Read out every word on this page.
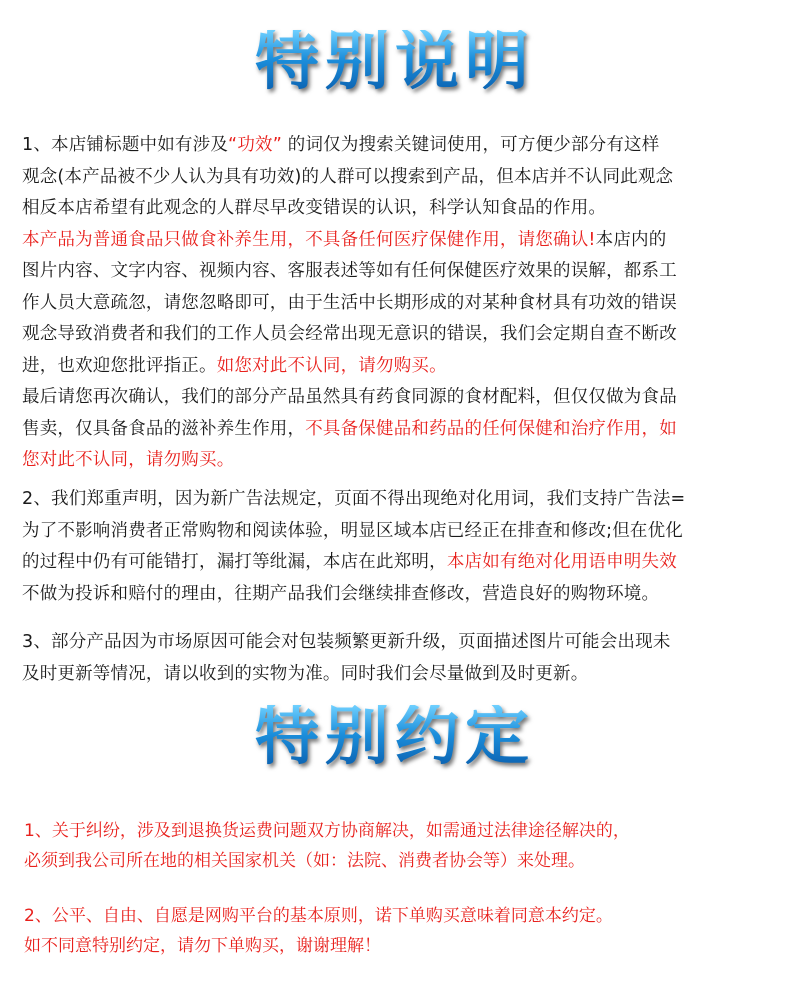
特别说明
1、本店铺标题中如有涉及“功效” 的词仅为搜索关键词使用，可方便少部分有这样
观念(本产品被不少人认为具有功效)的人群可以搜索到产品，但本店并不认同此观念
相反本店希望有此观念的人群尽早改变错误的认识，科学认知食品的作用。
本产品为普通食品只做食补养生用，不具备任何医疗保健作用，请您确认!本店内的
图片内容、文字内容、视频内容、客服表述等如有任何保健医疗效果的误解，都系工
作人员大意疏忽，请您忽略即可，由于生活中长期形成的对某种食材具有功效的错误
观念导致消费者和我们的工作人员会经常出现无意识的错误，我们会定期自查不断改
进，也欢迎您批评指正。如您对此不认同，请勿购买。
最后请您再次确认，我们的部分产品虽然具有药食同源的食材配料，但仅仅做为食品
售卖，仅具备食品的滋补养生作用，不具备保健品和药品的任何保健和治疗作用，如
您对此不认同，请勿购买。
2、我们郑重声明，因为新广告法规定，页面不得出现绝对化用词，我们支持广告法=
为了不影响消费者正常购物和阅读体验，明显区域本店已经正在排查和修改;但在优化
的过程中仍有可能错打，漏打等纰漏，本店在此郑明，本店如有绝对化用语申明失效
不做为投诉和赔付的理由，往期产品我们会继续排查修改，营造良好的购物环境。
3、部分产品因为市场原因可能会对包装频繁更新升级，页面描述图片可能会出现未
及时更新等情况，请以收到的实物为准。同时我们会尽量做到及时更新。
特别约定
1、关于纠纷，涉及到退换货运费问题双方协商解决，如需通过法律途径解决的，
必须到我公司所在地的相关国家机关（如：法院、消费者协会等）来处理。
2、公平、自由、自愿是网购平台的基本原则，诺下单购买意味着同意本约定。
如不同意特别约定，请勿下单购买，谢谢理解！
